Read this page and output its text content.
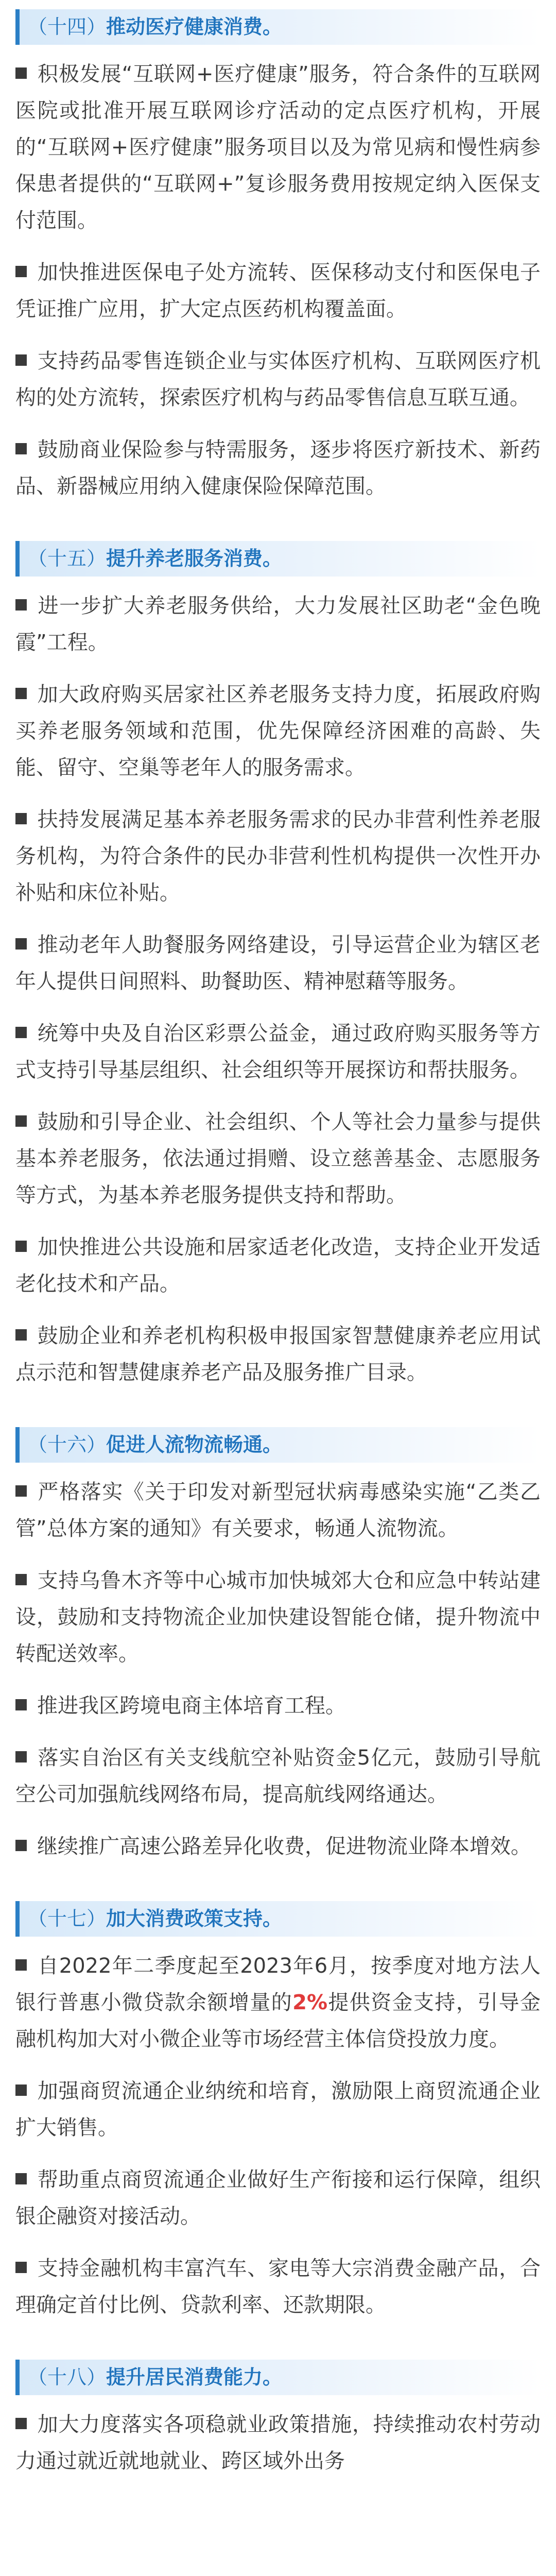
（十四）推动医疗健康消费。

积极发展“互联网+医疗健康”服务，符合条件的互联网医院或批准开展互联网诊疗活动的定点医疗机构，开展的“互联网+医疗健康”服务项目以及为常见病和慢性病参保患者提供的“互联网+”复诊服务费用按规定纳入医保支付范围。

加快推进医保电子处方流转、医保移动支付和医保电子凭证推广应用，扩大定点医药机构覆盖面。

支持药品零售连锁企业与实体医疗机构、互联网医疗机构的处方流转，探索医疗机构与药品零售信息互联互通。

鼓励商业保险参与特需服务，逐步将医疗新技术、新药品、新器械应用纳入健康保险保障范围。

（十五）提升养老服务消费。

进一步扩大养老服务供给，大力发展社区助老“金色晚霞”工程。

加大政府购买居家社区养老服务支持力度，拓展政府购买养老服务领域和范围，优先保障经济困难的高龄、失能、留守、空巢等老年人的服务需求。

扶持发展满足基本养老服务需求的民办非营利性养老服务机构，为符合条件的民办非营利性机构提供一次性开办补贴和床位补贴。

推动老年人助餐服务网络建设，引导运营企业为辖区老年人提供日间照料、助餐助医、精神慰藉等服务。

统筹中央及自治区彩票公益金，通过政府购买服务等方式支持引导基层组织、社会组织等开展探访和帮扶服务。

鼓励和引导企业、社会组织、个人等社会力量参与提供基本养老服务，依法通过捐赠、设立慈善基金、志愿服务等方式，为基本养老服务提供支持和帮助。

加快推进公共设施和居家适老化改造，支持企业开发适老化技术和产品。

鼓励企业和养老机构积极申报国家智慧健康养老应用试点示范和智慧健康养老产品及服务推广目录。

（十六）促进人流物流畅通。

严格落实《关于印发对新型冠状病毒感染实施“乙类乙管”总体方案的通知》有关要求，畅通人流物流。

支持乌鲁木齐等中心城市加快城郊大仓和应急中转站建设，鼓励和支持物流企业加快建设智能仓储，提升物流中转配送效率。

推进我区跨境电商主体培育工程。

落实自治区有关支线航空补贴资金5亿元，鼓励引导航空公司加强航线网络布局，提高航线网络通达。

继续推广高速公路差异化收费，促进物流业降本增效。

（十七）加大消费政策支持。

自2022年二季度起至2023年6月，按季度对地方法人银行普惠小微贷款余额增量的2%提供资金支持，引导金融机构加大对小微企业等市场经营主体信贷投放力度。

加强商贸流通企业纳统和培育，激励限上商贸流通企业扩大销售。

帮助重点商贸流通企业做好生产衔接和运行保障，组织银企融资对接活动。

支持金融机构丰富汽车、家电等大宗消费金融产品，合理确定首付比例、贷款利率、还款期限。

（十八）提升居民消费能力。

加大力度落实各项稳就业政策措施，持续推动农村劳动力通过就近就地就业、跨区域外出务
